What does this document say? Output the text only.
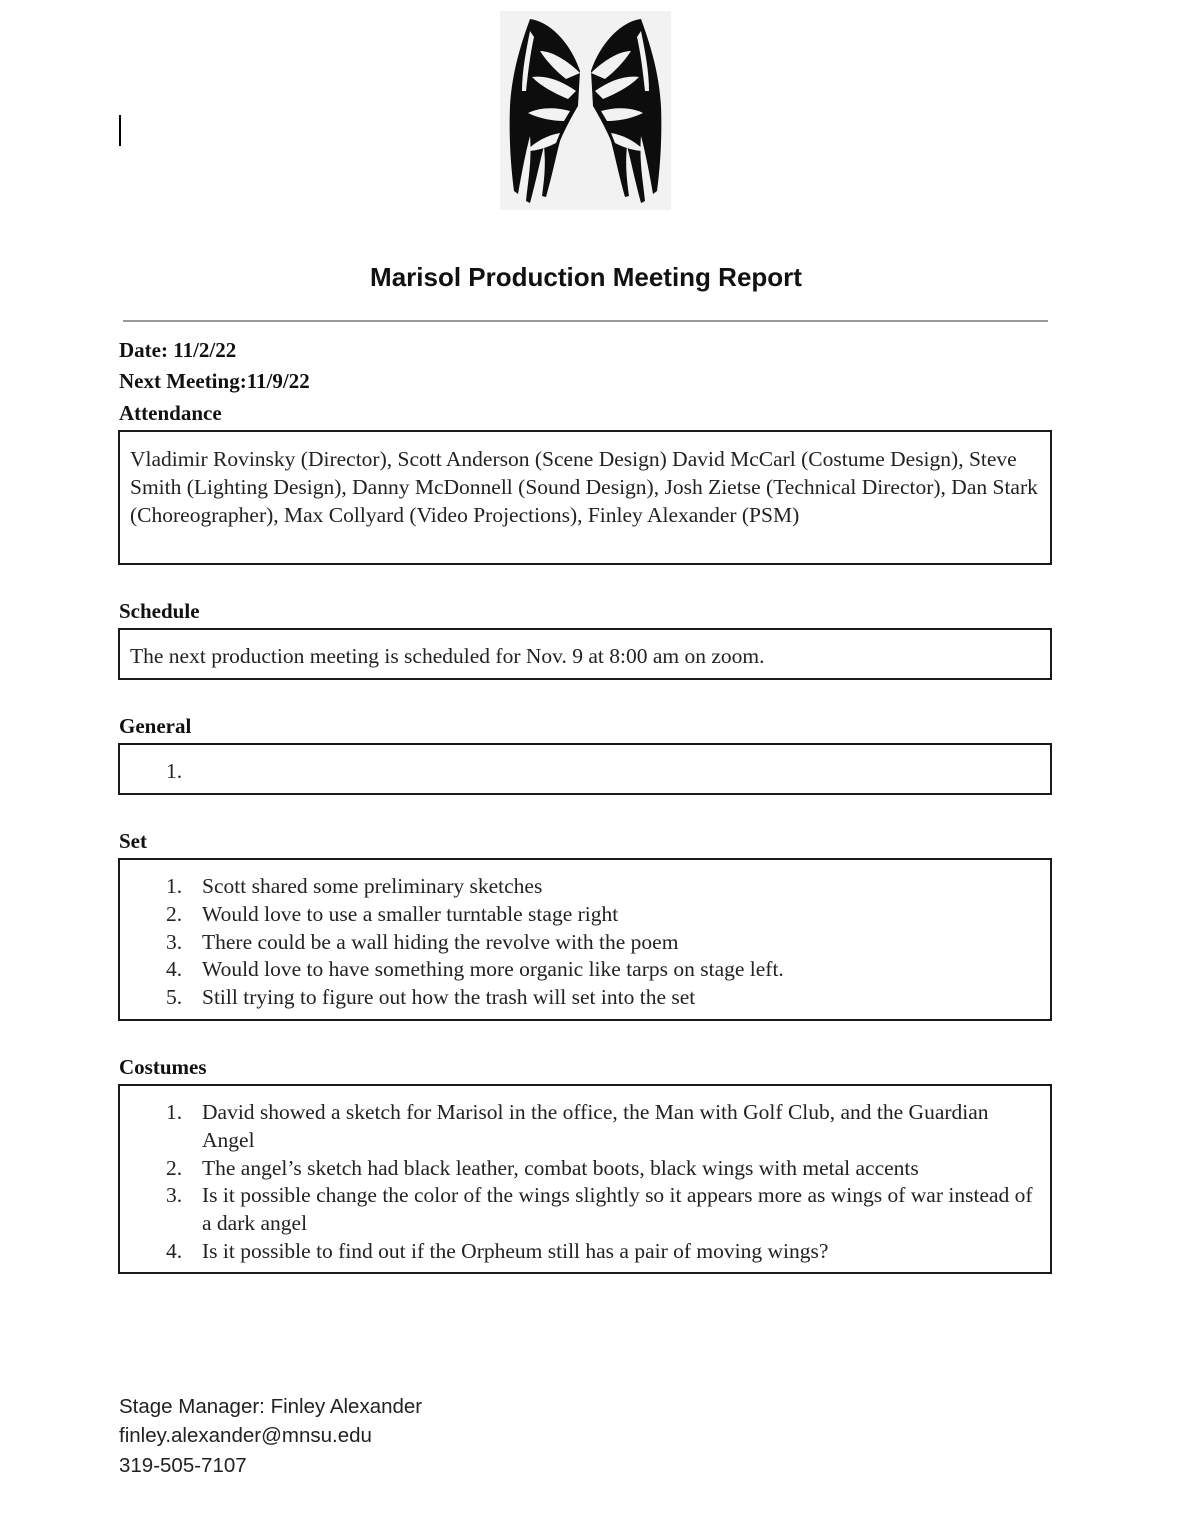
Marisol Production Meeting Report
Date: 11/2/22
Next Meeting:11/9/22
Attendance

Vladimir Rovinsky (Director), Scott Anderson (Scene Design) David McCarl (Costume Design), Steve Smith (Lighting Design), Danny McDonnell (Sound Design), Josh Zietse (Technical Director), Dan Stark (Choreographer), Max Collyard (Video Projections), Finley Alexander (PSM)

Schedule

The next production meeting is scheduled for Nov. 9 at 8:00 am on zoom.

General
1.
Set
1. Scott shared some preliminary sketches
2. Would love to use a smaller turntable stage right
3. There could be a wall hiding the revolve with the poem
4. Would love to have something more organic like tarps on stage left.
5. Still trying to figure out how the trash will set into the set
Costumes
1. David showed a sketch for Marisol in the office, the Man with Golf Club, and the Guardian Angel
2. The angel’s sketch had black leather, combat boots, black wings with metal accents
3. Is it possible change the color of the wings slightly so it appears more as wings of war instead of a dark angel
4. Is it possible to find out if the Orpheum still has a pair of moving wings?
Stage Manager: Finley Alexander
finley.alexander@mnsu.edu
319-505-7107
